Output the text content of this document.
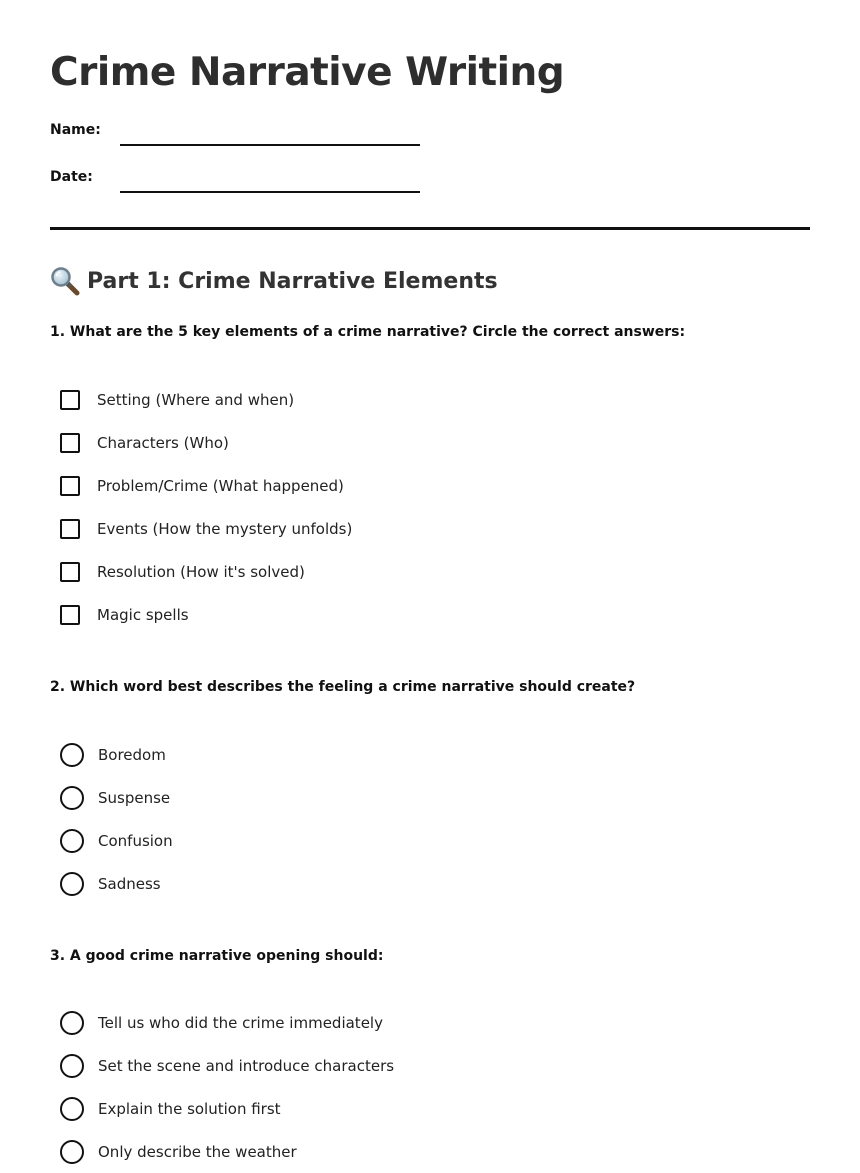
Crime Narrative Writing
Name:
Date:
Part 1: Crime Narrative Elements
1. What are the 5 key elements of a crime narrative? Circle the correct answers:
Setting (Where and when)
Characters (Who)
Problem/Crime (What happened)
Events (How the mystery unfolds)
Resolution (How it's solved)
Magic spells
2. Which word best describes the feeling a crime narrative should create?
Boredom
Suspense
Confusion
Sadness
3. A good crime narrative opening should:
Tell us who did the crime immediately
Set the scene and introduce characters
Explain the solution first
Only describe the weather
